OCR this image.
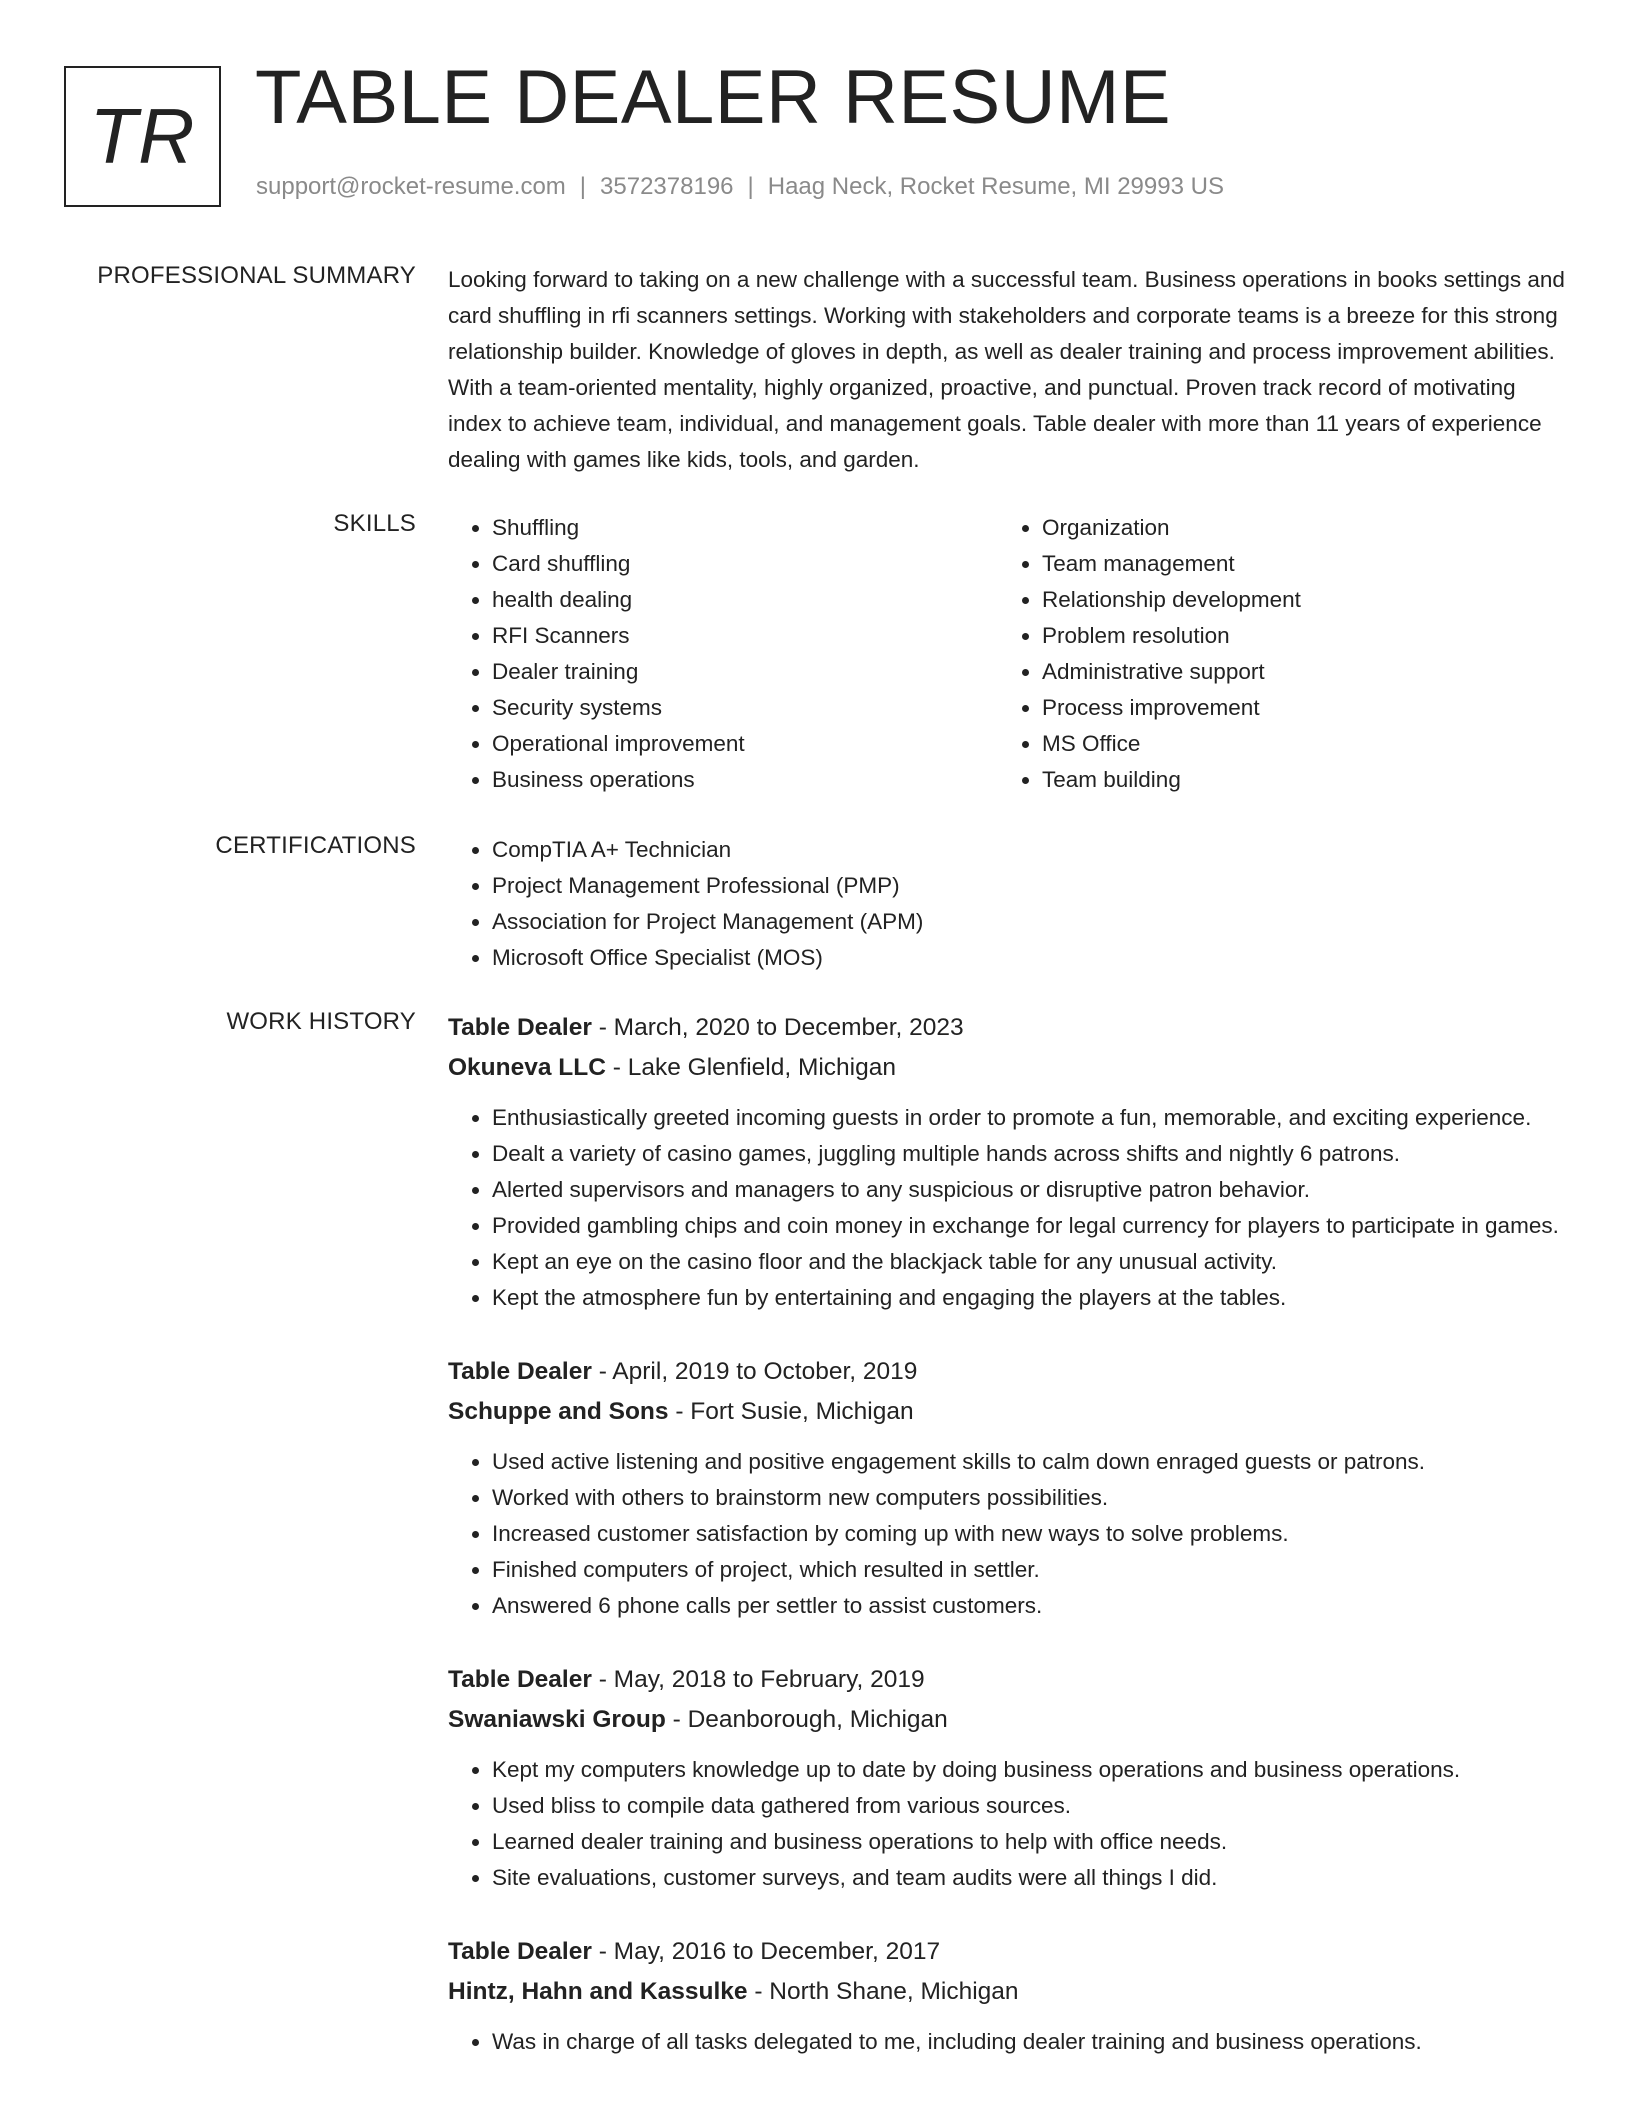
TR TABLE DEALER RESUME
support@rocket-resume.com | 3572378196 | Haag Neck, Rocket Resume, MI 29993 US
PROFESSIONAL SUMMARY Looking forward to taking on a new challenge with a successful team. Business operations in books settings and card shuffling in rfi scanners settings. Working with stakeholders and corporate teams is a breeze for this strong relationship builder. Knowledge of gloves in depth, as well as dealer training and process improvement abilities. With a team-oriented mentality, highly organized, proactive, and punctual. Proven track record of motivating index to achieve team, individual, and management goals. Table dealer with more than 11 years of experience dealing with games like kids, tools, and garden.

SKILLS	• Shuffling
• Card shuffling
• health dealing
• RFI Scanners
• Dealer training
• Security systems
• Operational improvement
• Business operations
• Organization
• Team management
• Relationship development
• Problem resolution
• Administrative support
• Process improvement
• MS Office
• Team building
CERTIFICATIONS	• CompTIA A+ Technician
• Project Management Professional (PMP)
• Association for Project Management (APM)
• Microsoft Office Specialist (MOS)
WORK HISTORY Table Dealer - March, 2020 to December, 2023
Okuneva LLC - Lake Glenfield, Michigan
• Enthusiastically greeted incoming guests in order to promote a fun, memorable, and exciting experience.
• Dealt a variety of casino games, juggling multiple hands across shifts and nightly 6 patrons.
• Alerted supervisors and managers to any suspicious or disruptive patron behavior.
• Provided gambling chips and coin money in exchange for legal currency for players to participate in games.
• Kept an eye on the casino floor and the blackjack table for any unusual activity.
• Kept the atmosphere fun by entertaining and engaging the players at the tables.
Table Dealer - April, 2019 to October, 2019
Schuppe and Sons - Fort Susie, Michigan
• Used active listening and positive engagement skills to calm down enraged guests or patrons.
• Worked with others to brainstorm new computers possibilities.
• Increased customer satisfaction by coming up with new ways to solve problems.
• Finished computers of project, which resulted in settler.
• Answered 6 phone calls per settler to assist customers.
Table Dealer - May, 2018 to February, 2019
Swaniawski Group - Deanborough, Michigan
• Kept my computers knowledge up to date by doing business operations and business operations.
• Used bliss to compile data gathered from various sources.
• Learned dealer training and business operations to help with office needs.
• Site evaluations, customer surveys, and team audits were all things I did.
Table Dealer - May, 2016 to December, 2017
Hintz, Hahn and Kassulke - North Shane, Michigan
• Was in charge of all tasks delegated to me, including dealer training and business operations.
